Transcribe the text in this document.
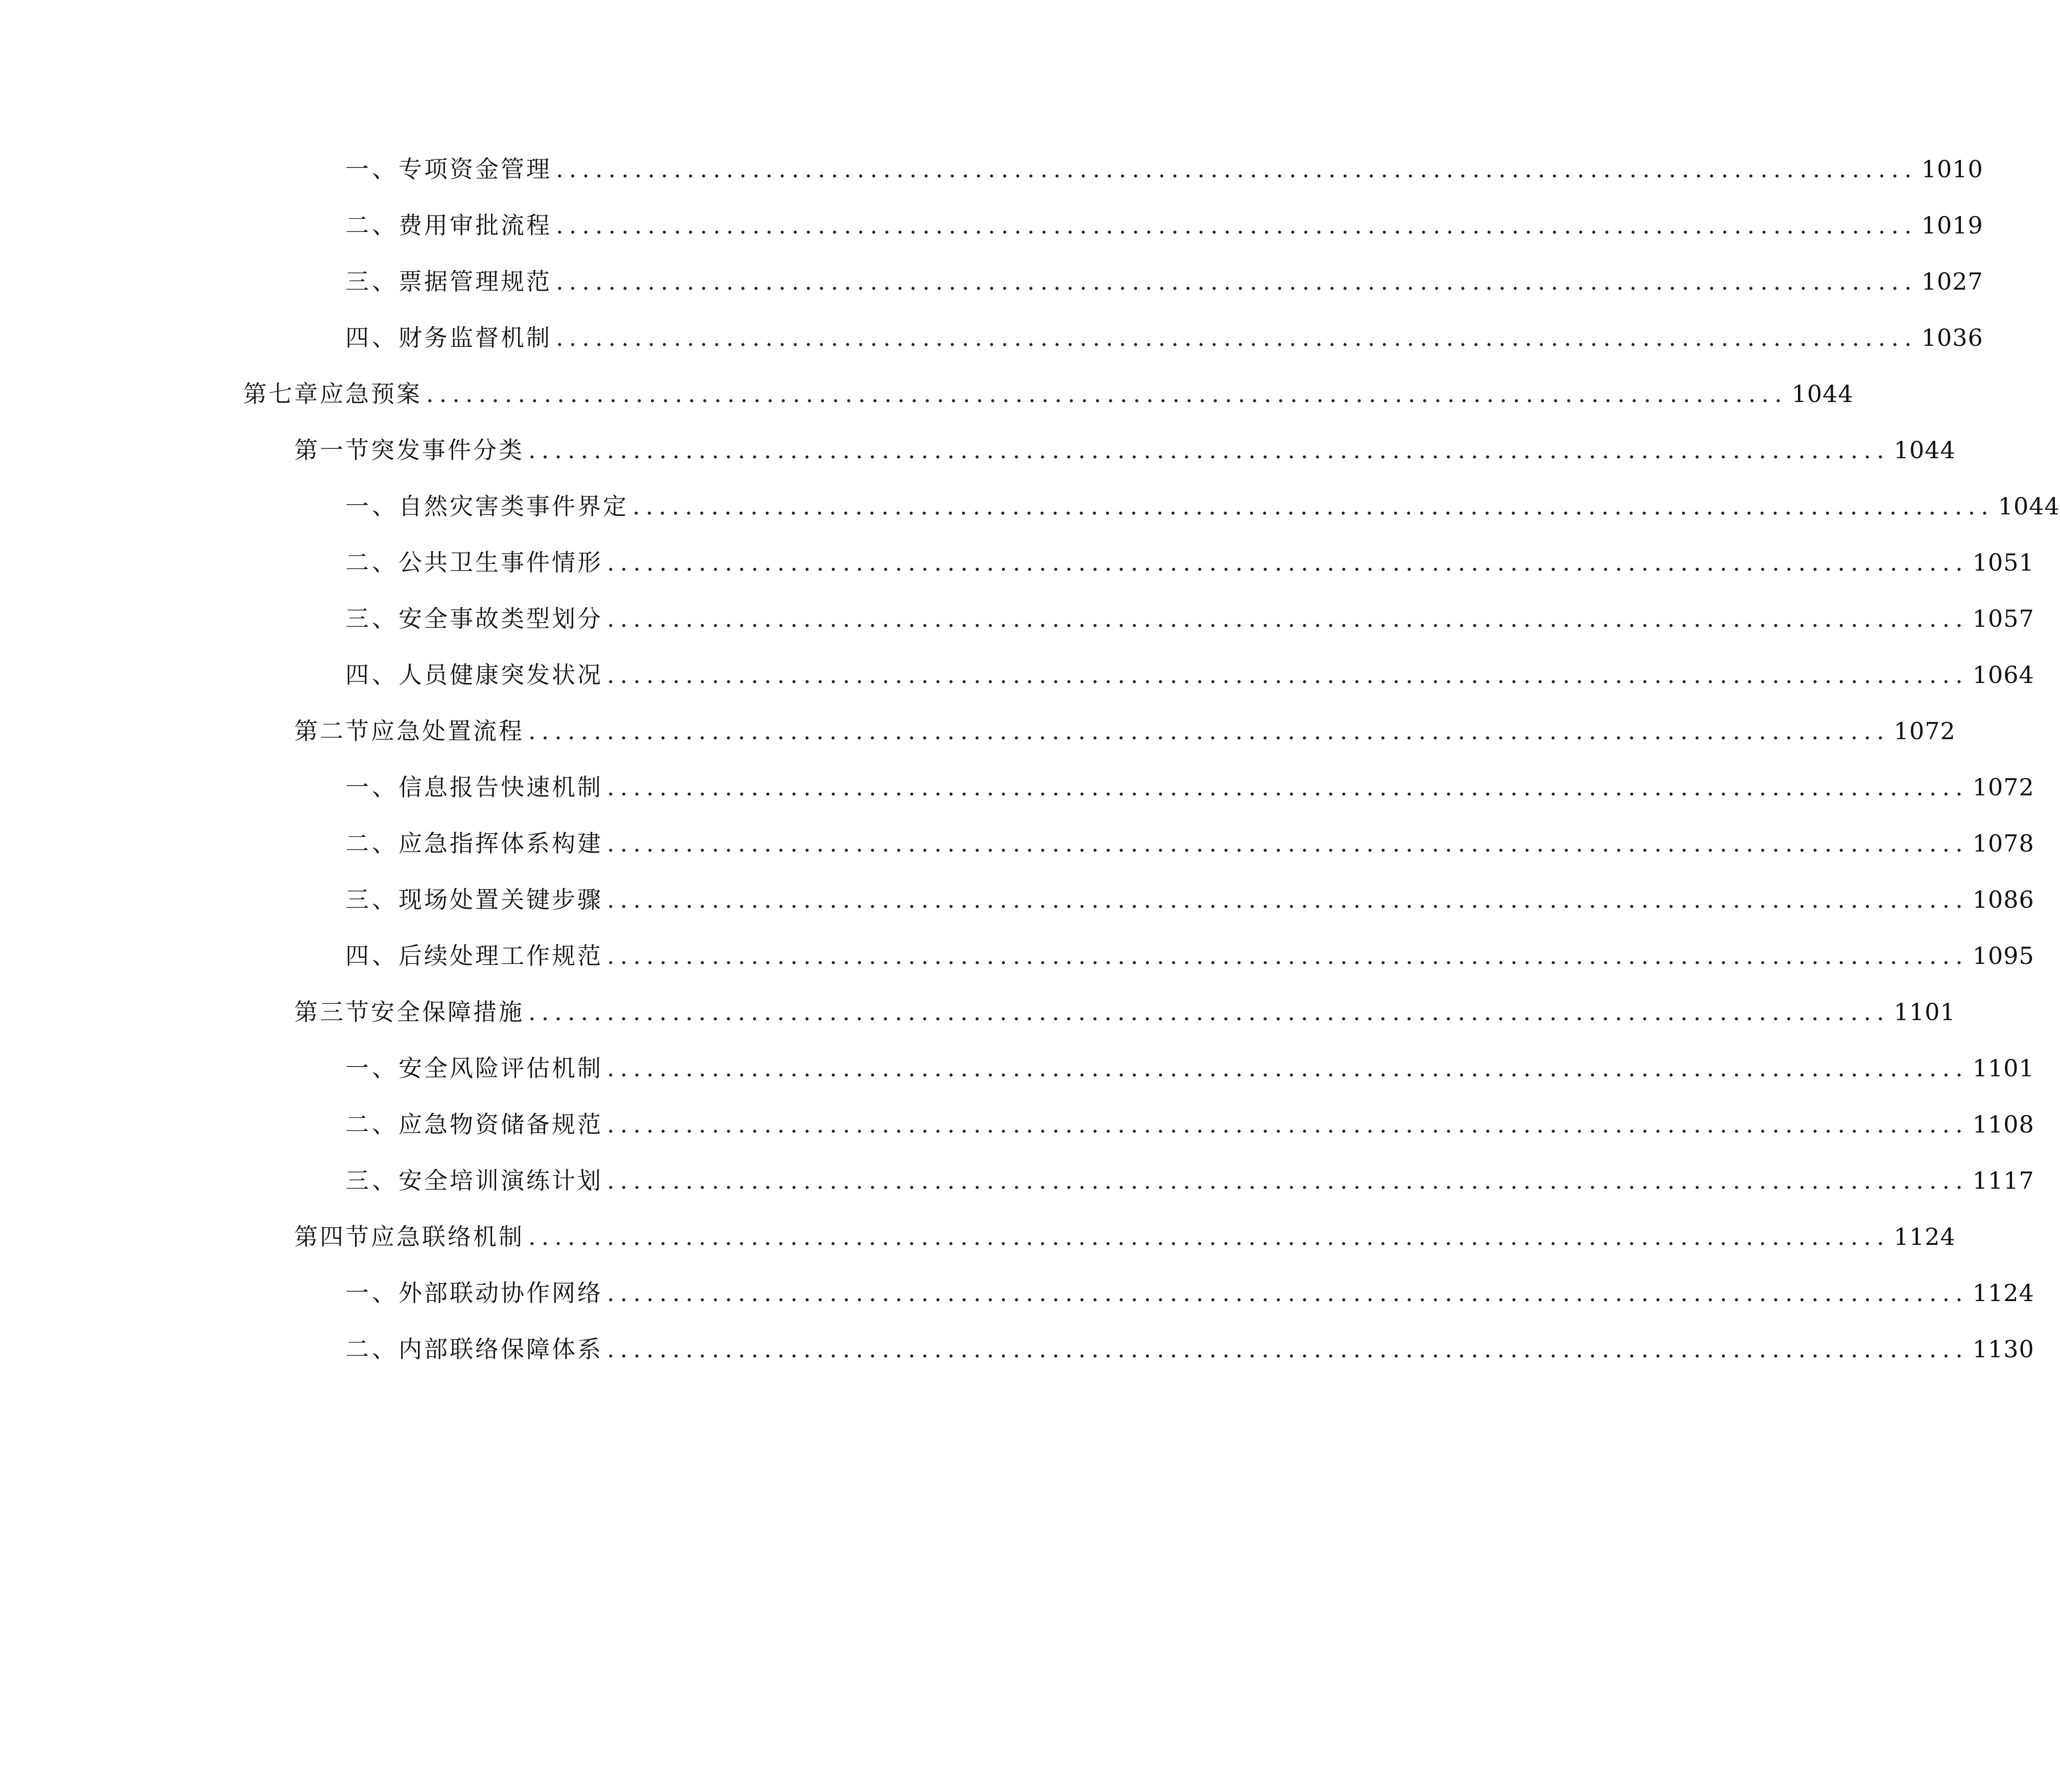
一、 专项资金管理 ........................................................................................................ 1010
二、 费用审批流程 ........................................................................................................ 1019
三、 票据管理规范 ........................................................................................................ 1027
四、 财务监督机制 ........................................................................................................ 1036
第七章 应急预案 ........................................................................................................ 1044
第一节 突发事件分类 ........................................................................................................ 1044
一、 自然灾害类事件界定 ........................................................................................................ 1044
二、 公共卫生事件情形 ........................................................................................................ 1051
三、 安全事故类型划分 ........................................................................................................ 1057
四、 人员健康突发状况 ........................................................................................................ 1064
第二节 应急处置流程 ........................................................................................................ 1072
一、 信息报告快速机制 ........................................................................................................ 1072
二、 应急指挥体系构建 ........................................................................................................ 1078
三、 现场处置关键步骤 ........................................................................................................ 1086
四、 后续处理工作规范 ........................................................................................................ 1095
第三节 安全保障措施 ........................................................................................................ 1101
一、 安全风险评估机制 ........................................................................................................ 1101
二、 应急物资储备规范 ........................................................................................................ 1108
三、 安全培训演练计划 ........................................................................................................ 1117
第四节 应急联络机制 ........................................................................................................ 1124
一、 外部联动协作网络 ........................................................................................................ 1124
二、 内部联络保障体系 ........................................................................................................ 1130
